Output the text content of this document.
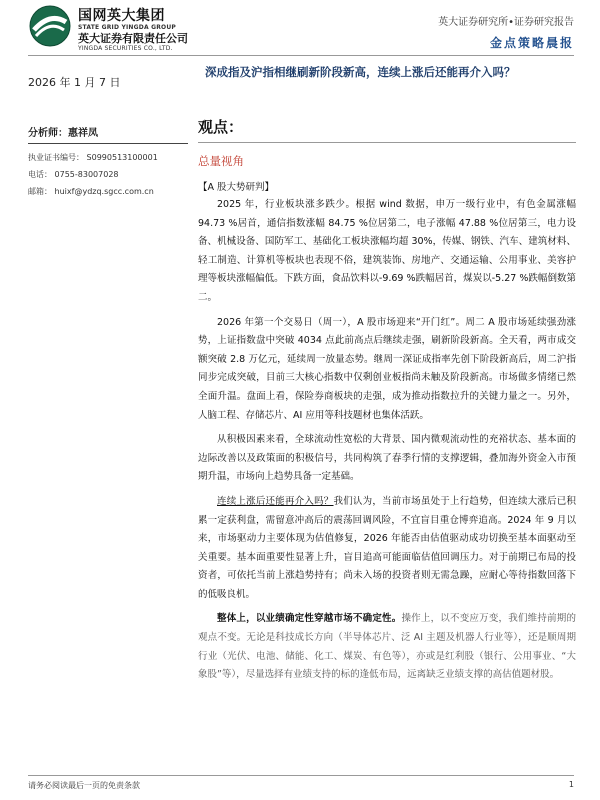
国网英大集团
STATE GRID YINGDA GROUP
英大证券有限责任公司
YINGDA SECURITIES CO., LTD.
英大证券研究所•证券研究报告
金点策略晨报
2026 年 1 月 7 日
深成指及沪指相继刷新阶段新高，连续上涨后还能再介入吗？
分析师：惠祥凤
执业证书编号： S0990513100001
电话： 0755-83007028
邮箱： huixf@ydzq.sgcc.com.cn
观点：
总量视角
【A 股大势研判】

2025 年，行业板块涨多跌少。根据 wind 数据，申万一级行业中，有色金属涨幅 94.73 %居首，通信指数涨幅 84.75 %位居第二，电子涨幅 47.88 %位居第三，电力设备、机械设备、国防军工、基础化工板块涨幅均超 30%，传媒、钢铁、汽车、建筑材料、轻工制造、计算机等板块也表现不俗，建筑装饰、房地产、交通运输、公用事业、美容护理等板块涨幅偏低。下跌方面，食品饮料以-9.69 %跌幅居首，煤炭以-5.27 %跌幅倒数第二。

2026 年第一个交易日（周一），A 股市场迎来“开门红”。周二 A 股市场延续强劲涨势，上证指数盘中突破 4034 点此前高点后继续走强，刷新阶段新高。全天看，两市成交额突破 2.8 万亿元，延续周一放量态势。继周一深证成指率先创下阶段新高后，周二沪指同步完成突破，目前三大核心指数中仅剩创业板指尚未触及阶段新高。市场做多情绪已然全面升温。盘面上看，保险券商板块的走强，成为推动指数拉升的关键力量之一。另外，人脑工程、存储芯片、AI 应用等科技题材也集体活跃。

从积极因素来看，全球流动性宽松的大背景、国内微观流动性的充裕状态、基本面的边际改善以及政策面的积极信号，共同构筑了春季行情的支撑逻辑，叠加海外资金入市预期升温，市场向上趋势具备一定基础。

连续上涨后还能再介入吗？我们认为，当前市场虽处于上行趋势，但连续大涨后已积累一定获利盘，需留意冲高后的震荡回调风险，不宜盲目重仓博弈追高。2024 年 9 月以来，市场驱动力主要体现为估值修复，2026 年能否由估值驱动成功切换至基本面驱动至关重要。基本面重要性显著上升，盲目追高可能面临估值回调压力。对于前期已布局的投资者，可依托当前上涨趋势持有；尚未入场的投资者则无需急躁，应耐心等待指数回落下的低吸良机。

整体上，以业绩确定性穿越市场不确定性。操作上，以不变应万变，我们维持前期的观点不变。无论是科技成长方向（半导体芯片、泛 AI 主题及机器人行业等），还是顺周期行业（光伏、电池、储能、化工、煤炭、有色等），亦或是红利股（银行、公用事业、“大象股”等），尽量选择有业绩支持的标的逢低布局，远离缺乏业绩支撑的高估值题材股。

请务必阅读最后一页的免责条款	1
